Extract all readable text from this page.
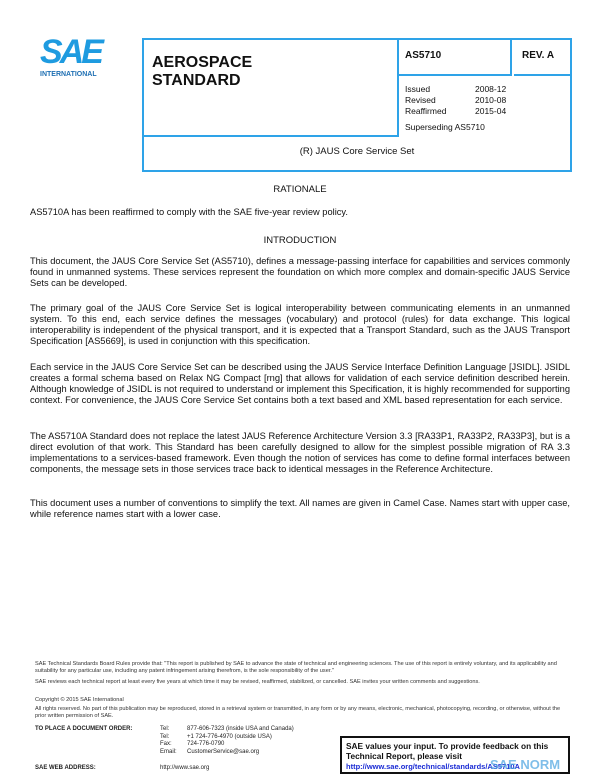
SAE
INTERNATIONAL
AEROSPACE
STANDARD
AS5710	REV. A
Issued	2008-12
Revised	2010-08
Reaffirmed	2015-04
Superseding AS5710
(R) JAUS Core Service Set
RATIONALE
AS5710A has been reaffirmed to comply with the SAE five-year review policy.
INTRODUCTION
This document, the JAUS Core Service Set (AS5710), defines a message-passing interface for capabilities and services commonly found in unmanned systems. These services represent the foundation on which more complex and domain-specific JAUS Service Sets can be developed.
The primary goal of the JAUS Core Service Set is logical interoperability between communicating elements in an unmanned system. To this end, each service defines the messages (vocabulary) and protocol (rules) for data exchange. This logical interoperability is independent of the physical transport, and it is expected that a Transport Standard, such as the JAUS Transport Specification [AS5669], is used in conjunction with this specification.
Each service in the JAUS Core Service Set can be described using the JAUS Service Interface Definition Language [JSIDL]. JSIDL creates a formal schema based on Relax NG Compact [rng] that allows for validation of each service definition described herein. Although knowledge of JSIDL is not required to understand or implement this Specification, it is highly recommended for supporting context. For convenience, the JAUS Core Service Set contains both a text based and XML based representation for each service.
The AS5710A Standard does not replace the latest JAUS Reference Architecture Version 3.3 [RA33P1, RA33P2, RA33P3], but is a direct evolution of that work. This Standard has been carefully designed to allow for the simplest possible migration of RA 3.3 implementations to a services-based framework. Even though the notion of services has come to define formal interfaces between components, the message sets in those services trace back to identical messages in the Reference Architecture.
This document uses a number of conventions to simplify the text. All names are given in Camel Case. Names start with upper case, while reference names start with a lower case.
SAE Technical Standards Board Rules provide that: "This report is published by SAE to advance the state of technical and engineering sciences. The use of this report is entirely voluntary, and its applicability and suitability for any particular use, including any patent infringement arising therefrom, is the sole responsibility of the user."
SAE reviews each technical report at least every five years at which time it may be revised, reaffirmed, stabilized, or cancelled. SAE invites your written comments and suggestions.
Copyright © 2015 SAE International
All rights reserved. No part of this publication may be reproduced, stored in a retrieval system or transmitted, in any form or by any means, electronic, mechanical, photocopying, recording, or otherwise, without the prior written permission of SAE.
TO PLACE A DOCUMENT ORDER:	Tel:	877-606-7323 (inside USA and Canada)
Tel:	+1 724-776-4970 (outside USA)
Fax:	724-776-0790
Email: CustomerService@sae.org
SAE WEB ADDRESS:	http://www.sae.org
SAE values your input. To provide feedback on this Technical Report, please visit
http://www.sae.org/technical/standards/AS5710A
SAE NORM
